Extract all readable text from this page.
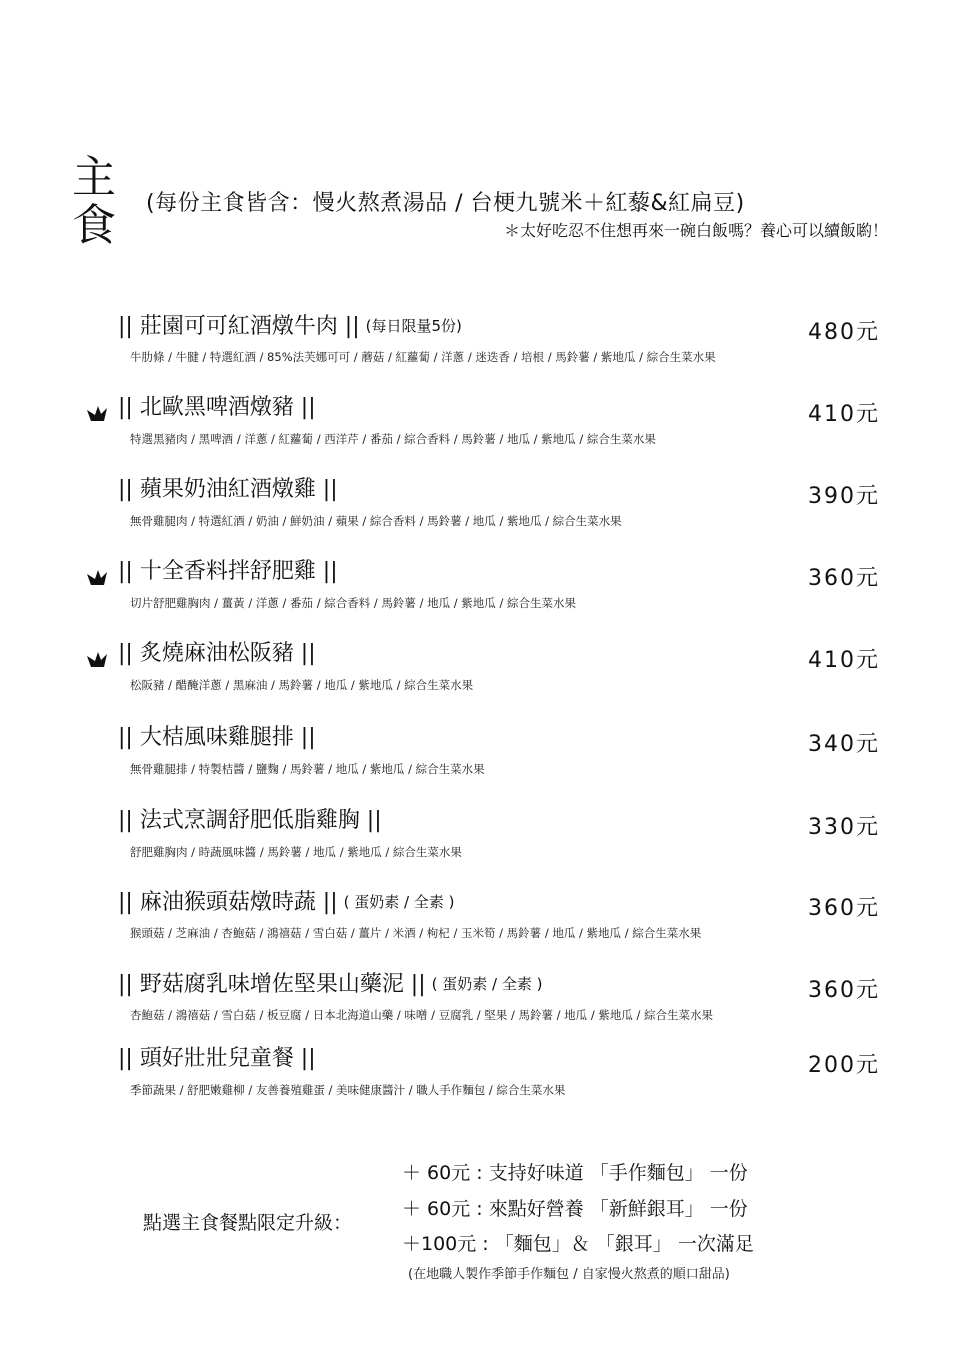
主
食 (每份主食皆含：慢火熬煮湯品 / 台梗九號米＋紅藜&紅扁豆)
＊太好吃忍不住想再來一碗白飯嗎？養心可以續飯喲！
|| 莊園可可紅酒燉牛肉 || (每日限量5份)
牛肋條 / 牛腱 / 特選紅酒 / 85%法芙娜可可 / 蘑菇 / 紅蘿蔔 / 洋蔥 / 迷迭香 / 培根 / 馬鈴薯 / 紫地瓜 / 綜合生菜水果
480元
|| 北歐黑啤酒燉豬 ||
特選黑豬肉 / 黑啤酒 / 洋蔥 / 紅蘿蔔 / 西洋芹 / 番茄 / 綜合香料 / 馬鈴薯 / 地瓜 / 紫地瓜 / 綜合生菜水果
410元
|| 蘋果奶油紅酒燉雞 ||
無骨雞腿肉 / 特選紅酒 / 奶油 / 鮮奶油 / 蘋果 / 綜合香料 / 馬鈴薯 / 地瓜 / 紫地瓜 / 綜合生菜水果
390元
|| 十全香料拌舒肥雞 ||
切片舒肥雞胸肉 / 薑黃 / 洋蔥 / 番茄 / 綜合香料 / 馬鈴薯 / 地瓜 / 紫地瓜 / 綜合生菜水果
360元
|| 炙燒麻油松阪豬 ||
松阪豬 / 醋醃洋蔥 / 黑麻油 / 馬鈴薯 / 地瓜 / 紫地瓜 / 綜合生菜水果
410元
|| 大桔風味雞腿排 ||
無骨雞腿排 / 特製桔醬 / 鹽麴 / 馬鈴薯 / 地瓜 / 紫地瓜 / 綜合生菜水果
340元
|| 法式烹調舒肥低脂雞胸 ||
舒肥雞胸肉 / 時蔬風味醬 / 馬鈴薯 / 地瓜 / 紫地瓜 / 綜合生菜水果
330元
|| 麻油猴頭菇燉時蔬 || ( 蛋奶素 / 全素 )
猴頭菇 / 芝麻油 / 杏鮑菇 / 鴻禧菇 / 雪白菇 / 薑片 / 米酒 / 枸杞 / 玉米筍 / 馬鈴薯 / 地瓜 / 紫地瓜 / 綜合生菜水果
360元
|| 野菇腐乳味增佐堅果山藥泥 || ( 蛋奶素 / 全素 )
杏鮑菇 / 鴻禧菇 / 雪白菇 / 板豆腐 / 日本北海道山藥 / 味噌 / 豆腐乳 / 堅果 / 馬鈴薯 / 地瓜 / 紫地瓜 / 綜合生菜水果
360元
|| 頭好壯壯兒童餐 ||
季節蔬果 / 舒肥嫩雞柳 / 友善養殖雞蛋 / 美味健康醬汁 / 職人手作麵包 / 綜合生菜水果
200元
點選主食餐點限定升級：
＋ 60元 : 支持好味道 「手作麵包」 一份
＋ 60元 : 來點好營養 「新鮮銀耳」 一份
＋100元 : 「麵包」＆ 「銀耳」 一次滿足
(在地職人製作季節手作麵包 / 自家慢火熬煮的順口甜品)
